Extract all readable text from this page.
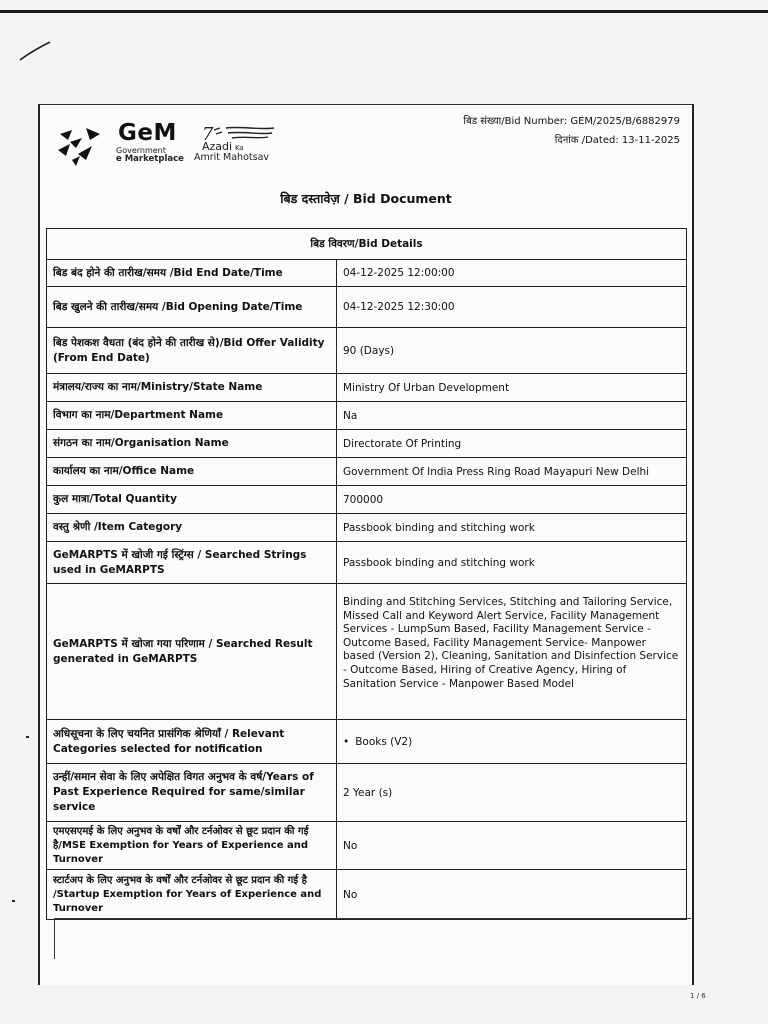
GeM
Government
e Marketplace
7
Azadi Ka
Amrit Mahotsav
बिड संख्या/Bid Number: GEM/2025/B/6882979
दिनांक /Dated: 13-11-2025
बिड दस्तावेज़ / Bid Document
बिड विवरण/Bid Details	
बिड बंद होने की तारीख/समय /Bid End Date/Time	04-12-2025 12:00:00
बिड खुलने की तारीख/समय /Bid Opening Date/Time	04-12-2025 12:30:00
बिड पेशकश वैधता (बंद होने की तारीख से)/Bid Offer Validity (From End Date)	90 (Days)
मंत्रालय/राज्य का नाम/Ministry/State Name	Ministry Of Urban Development
विभाग का नाम/Department Name	Na
संगठन का नाम/Organisation Name	Directorate Of Printing
कार्यालय का नाम/Office Name	Government Of India Press Ring Road Mayapuri New Delhi
कुल मात्रा/Total Quantity	700000
वस्तु श्रेणी /Item Category	Passbook binding and stitching work
GeMARPTS में खोजी गई स्ट्रिंग्स / Searched Strings used in GeMARPTS	Passbook binding and stitching work
GeMARPTS में खोजा गया परिणाम / Searched Result generated in GeMARPTS	Binding and Stitching Services, Stitching and Tailoring Service, Missed Call and Keyword Alert Service, Facility Management Services - LumpSum Based, Facility Management Service - Outcome Based, Facility Management Service- Manpower based (Version 2), Cleaning, Sanitation and Disinfection Service - Outcome Based, Hiring of Creative Agency, Hiring of Sanitation Service - Manpower Based Model
अधिसूचना के लिए चयनित प्रासंगिक श्रेणियाँ / Relevant Categories selected for notification	• Books (V2)
उन्हीं/समान सेवा के लिए अपेक्षित विगत अनुभव के वर्ष/Years of Past Experience Required for same/similar service	2 Year (s)
एमएसएमई के लिए अनुभव के वर्षों और टर्नओवर से छूट प्रदान की गई है/MSE Exemption for Years of Experience and Turnover	No
स्टार्टअप के लिए अनुभव के वर्षों और टर्नओवर से छूट प्रदान की गई है /Startup Exemption for Years of Experience and Turnover	No
1 / 6
